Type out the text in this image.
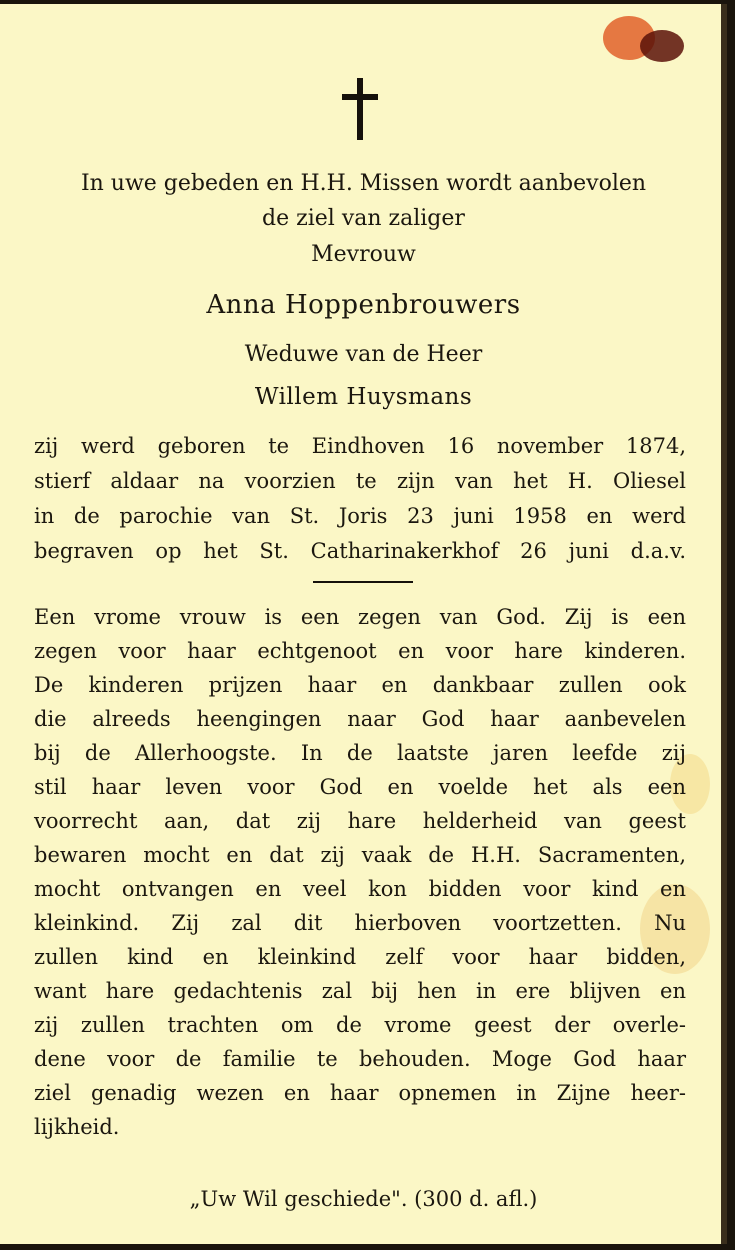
In uwe gebeden en H.H. Missen wordt aanbevolen
de ziel van zaliger
Mevrouw
Anna Hoppenbrouwers
Weduwe van de Heer
Willem Huysmans
zij werd geboren te Eindhoven 16 november 1874,
stierf aldaar na voorzien te zijn van het H. Oliesel
in de parochie van St. Joris 23 juni 1958 en werd
begraven op het St. Catharinakerkhof 26 juni d.a.v.
Een vrome vrouw is een zegen van God. Zij is een
zegen voor haar echtgenoot en voor hare kinderen.
De kinderen prijzen haar en dankbaar zullen ook
die alreeds heengingen naar God haar aanbevelen
bij de Allerhoogste. In de laatste jaren leefde zij
stil haar leven voor God en voelde het als een
voorrecht aan, dat zij hare helderheid van geest
bewaren mocht en dat zij vaak de H.H. Sacramenten,
mocht ontvangen en veel kon bidden voor kind en
kleinkind. Zij zal dit hierboven voortzetten. Nu
zullen kind en kleinkind zelf voor haar bidden,
want hare gedachtenis zal bij hen in ere blijven en
zij zullen trachten om de vrome geest der overle-
dene voor de familie te behouden. Moge God haar
ziel genadig wezen en haar opnemen in Zijne heer-
lijkheid.
„Uw Wil geschiede". (300 d. afl.)
